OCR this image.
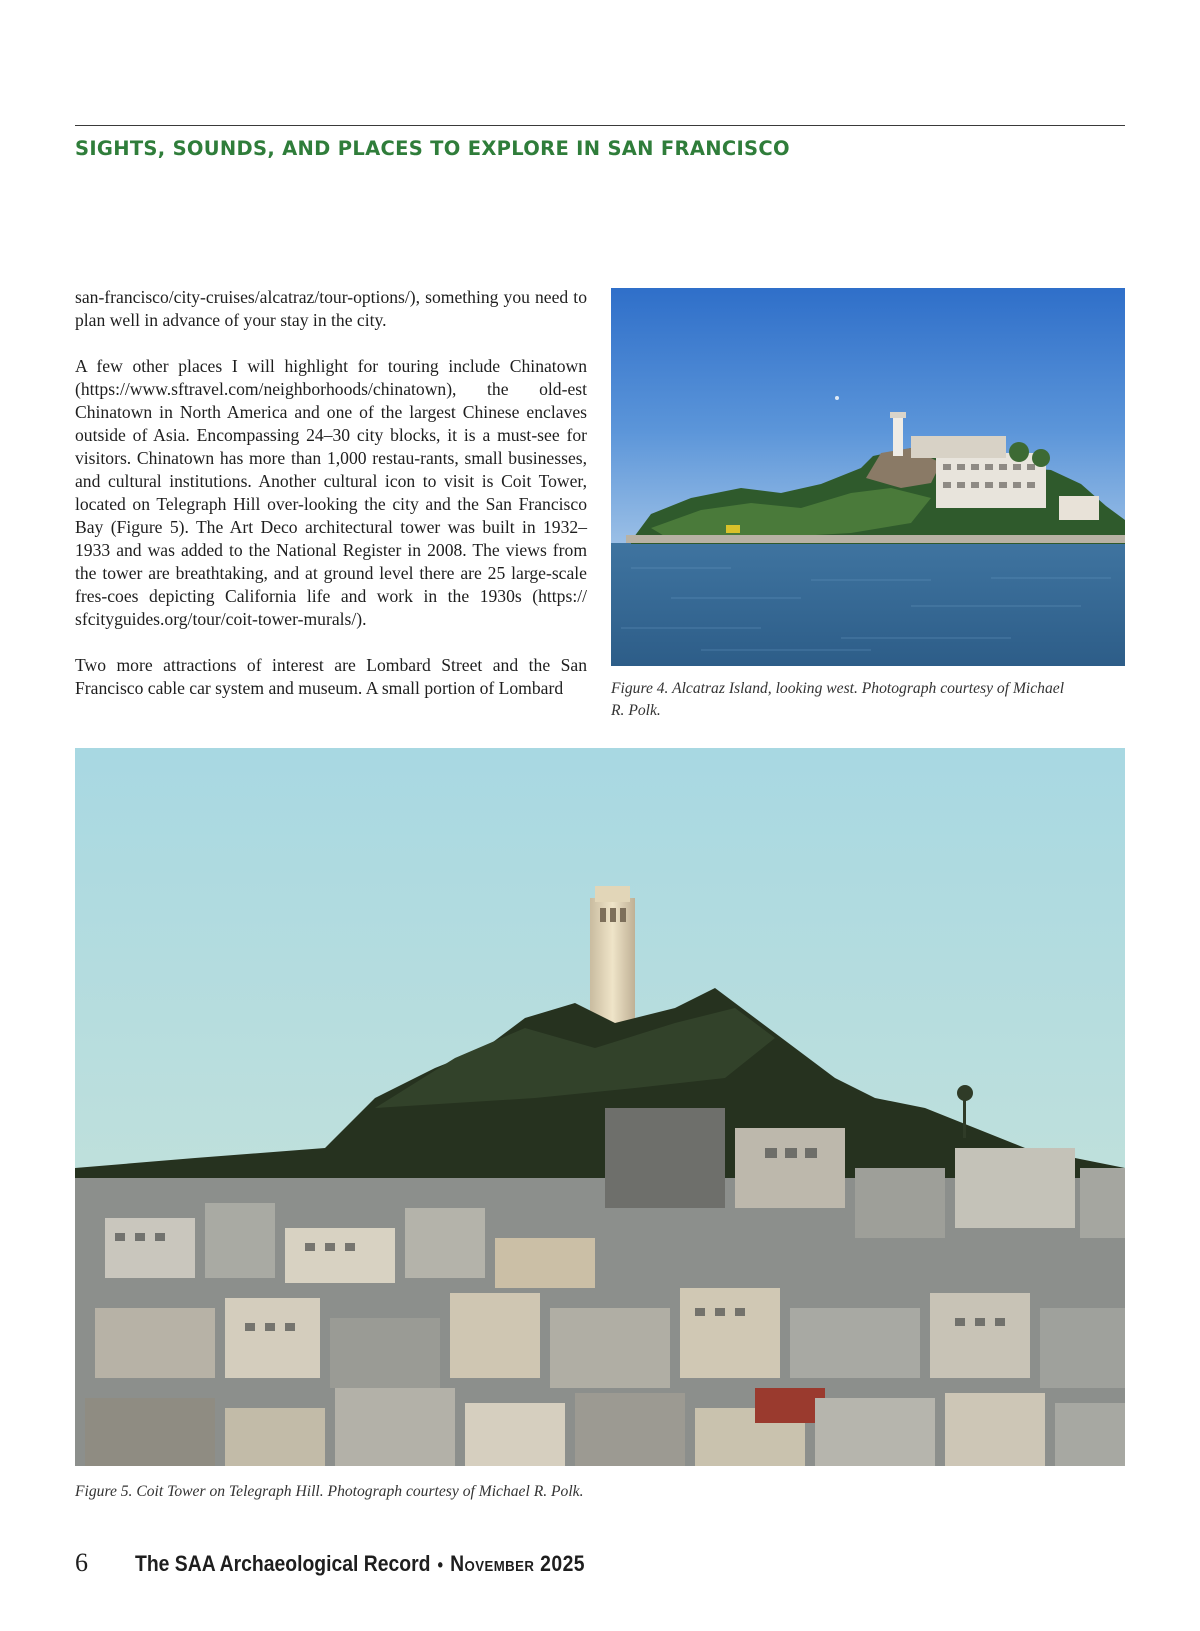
SIGHTS, SOUNDS, AND PLACES TO EXPLORE IN SAN FRANCISCO

san-francisco/city-cruises/alcatraz/tour-options/), something you need to plan well in advance of your stay in the city.

A few other places I will highlight for touring include Chinatown (https://www.sftravel.com/neighborhoods/chinatown), the old-est Chinatown in North America and one of the largest Chinese enclaves outside of Asia. Encompassing 24–30 city blocks, it is a must-see for visitors. Chinatown has more than 1,000 restau-rants, small businesses, and cultural institutions. Another cultural icon to visit is Coit Tower, located on Telegraph Hill over-looking the city and the San Francisco Bay (Figure 5). The Art Deco architectural tower was built in 1932–1933 and was added to the National Register in 2008. The views from the tower are breathtaking, and at ground level there are 25 large-scale fres-coes depicting California life and work in the 1930s (https:// sfcityguides.org/tour/coit-tower-murals/).

Two more attractions of interest are Lombard Street and the San Francisco cable car system and museum. A small portion of Lombard	Figure 4. Alcatraz Island, looking west. Photograph courtesy of Michael R. Polk.
Figure 5. Coit Tower on Telegraph Hill. Photograph courtesy of Michael R. Polk.
6	The SAA Archaeological Record • November 2025
